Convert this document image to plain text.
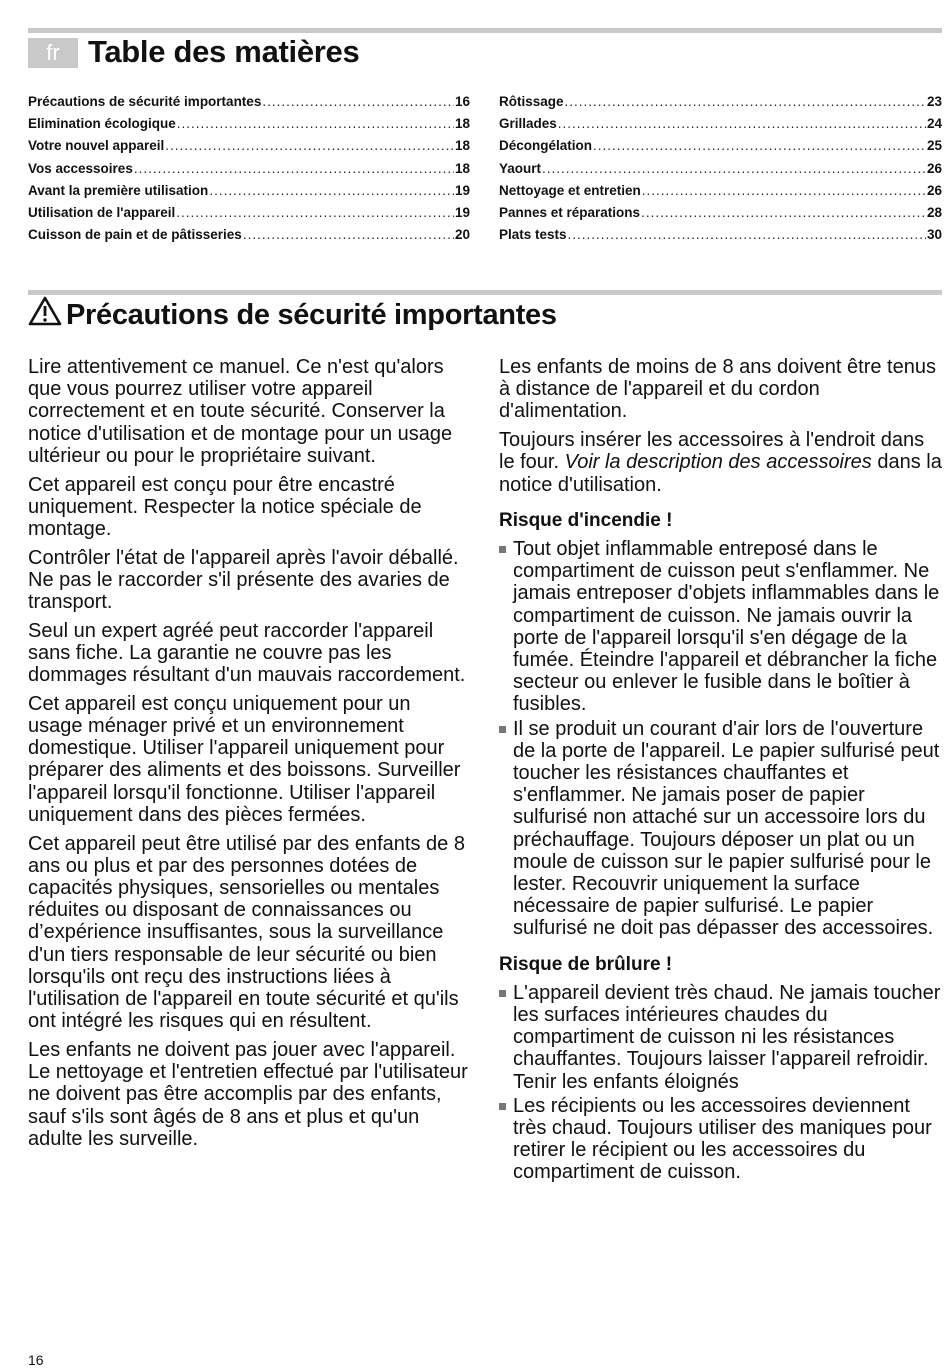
fr Table des matières
Précautions de sécurité importantes .....	16
Elimination écologique .....	18
Votre nouvel appareil .....	18
Vos accessoires .....	18
Avant la première utilisation .....	19
Utilisation de l'appareil .....	19
Cuisson de pain et de pâtisseries .....	20
Rôtissage .....	23
Grillades .....	24
Décongélation .....	25
Yaourt .....	26
Nettoyage et entretien .....	26
Pannes et réparations .....	28
Plats tests .....	30
Précautions de sécurité importantes

Lire attentivement ce manuel. Ce n'est qu'alors que vous pourrez utiliser votre appareil correctement et en toute sécurité. Conserver la notice d'utilisation et de montage pour un usage ultérieur ou pour le propriétaire suivant.

Cet appareil est conçu pour être encastré uniquement. Respecter la notice spéciale de montage.

Contrôler l'état de l'appareil après l'avoir déballé. Ne pas le raccorder s'il présente des avaries de transport.

Seul un expert agréé peut raccorder l'appareil sans fiche. La garantie ne couvre pas les dommages résultant d'un mauvais raccordement.

Cet appareil est conçu uniquement pour un usage ménager privé et un environnement domestique. Utiliser l'appareil uniquement pour préparer des aliments et des boissons. Surveiller l'appareil lorsqu'il fonctionne. Utiliser l'appareil uniquement dans des pièces fermées.

Cet appareil peut être utilisé par des enfants de 8 ans ou plus et par des personnes dotées de capacités physiques, sensorielles ou mentales réduites ou disposant de connaissances ou d’expérience insuffisantes, sous la surveillance d'un tiers responsable de leur sécurité ou bien lorsqu'ils ont reçu des instructions liées à l'utilisation de l'appareil en toute sécurité et qu'ils ont intégré les risques qui en résultent.

Les enfants ne doivent pas jouer avec l'appareil. Le nettoyage et l'entretien effectué par l'utilisateur ne doivent pas être accomplis par des enfants, sauf s'ils sont âgés de 8 ans et plus et qu'un adulte les surveille.

Les enfants de moins de 8 ans doivent être tenus à distance de l'appareil et du cordon d'alimentation.

Toujours insérer les accessoires à l'endroit dans le four. Voir la description des accessoires dans la notice d'utilisation.

Risque d'incendie !
Tout objet inflammable entreposé dans le compartiment de cuisson peut s'enflammer. Ne jamais entreposer d'objets inflammables dans le compartiment de cuisson. Ne jamais ouvrir la porte de l'appareil lorsqu'il s'en dégage de la fumée. Éteindre l'appareil et débrancher la fiche secteur ou enlever le fusible dans le boîtier à fusibles.
Il se produit un courant d'air lors de l'ouverture de la porte de l'appareil. Le papier sulfurisé peut toucher les résistances chauffantes et s'enflammer. Ne jamais poser de papier sulfurisé non attaché sur un accessoire lors du préchauffage. Toujours déposer un plat ou un moule de cuisson sur le papier sulfurisé pour le lester. Recouvrir uniquement la surface nécessaire de papier sulfurisé. Le papier sulfurisé ne doit pas dépasser des accessoires.
Risque de brûlure !
L'appareil devient très chaud. Ne jamais toucher les surfaces intérieures chaudes du compartiment de cuisson ni les résistances chauffantes. Toujours laisser l'appareil refroidir. Tenir les enfants éloignés
Les récipients ou les accessoires deviennent très chaud. Toujours utiliser des maniques pour retirer le récipient ou les accessoires du compartiment de cuisson.
16
